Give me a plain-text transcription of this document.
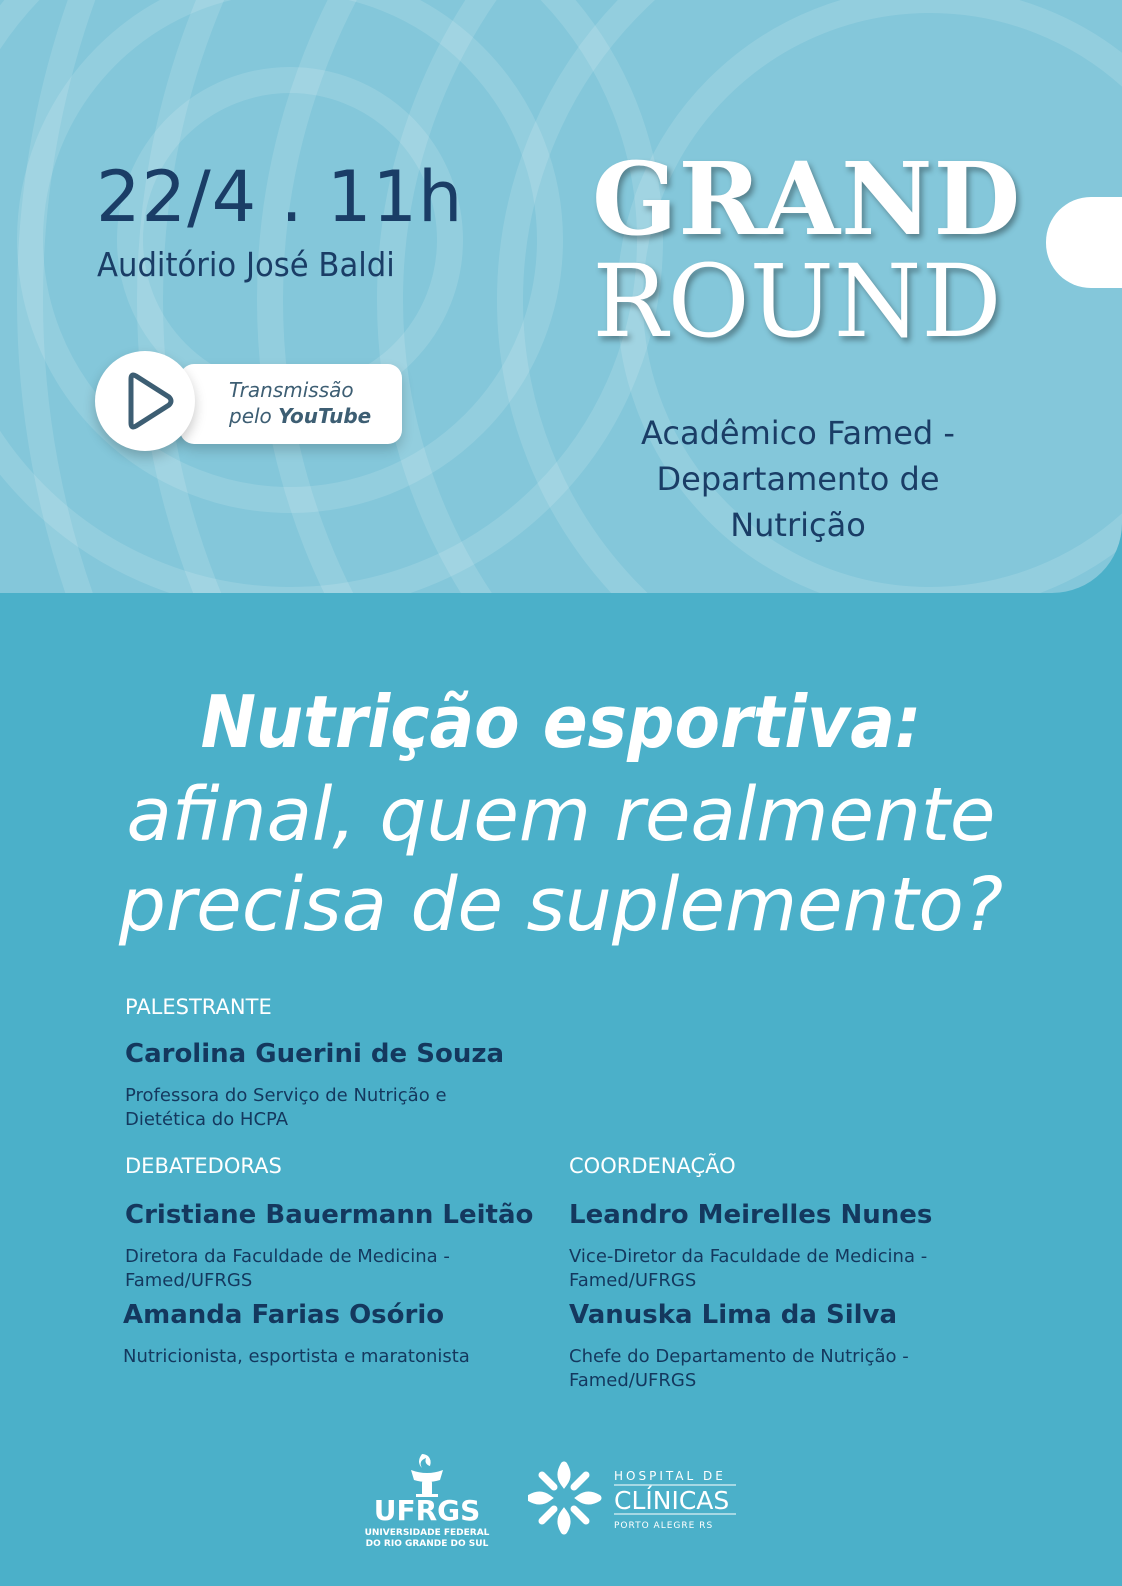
22/4 . 11h
Auditório José Baldi
Transmissão
pelo YouTube
GRAND
ROUND
Acadêmico Famed -
Departamento de
Nutrição
Nutrição esportiva:
afinal, quem realmente
precisa de suplemento?
PALESTRANTE
Carolina Guerini de Souza
Professora do Serviço de Nutrição e
Dietética do HCPA
DEBATEDORAS
Cristiane Bauermann Leitão
Diretora da Faculdade de Medicina -
Famed/UFRGS
Amanda Farias Osório
Nutricionista, esportista e maratonista
COORDENAÇÃO
Leandro Meirelles Nunes
Vice-Diretor da Faculdade de Medicina -
Famed/UFRGS
Vanuska Lima da Silva
Chefe do Departamento de Nutrição -
Famed/UFRGS
UFRGS
UNIVERSIDADE FEDERAL
DO RIO GRANDE DO SUL
HOSPITAL DE
CLÍNICAS
PORTO ALEGRE RS
